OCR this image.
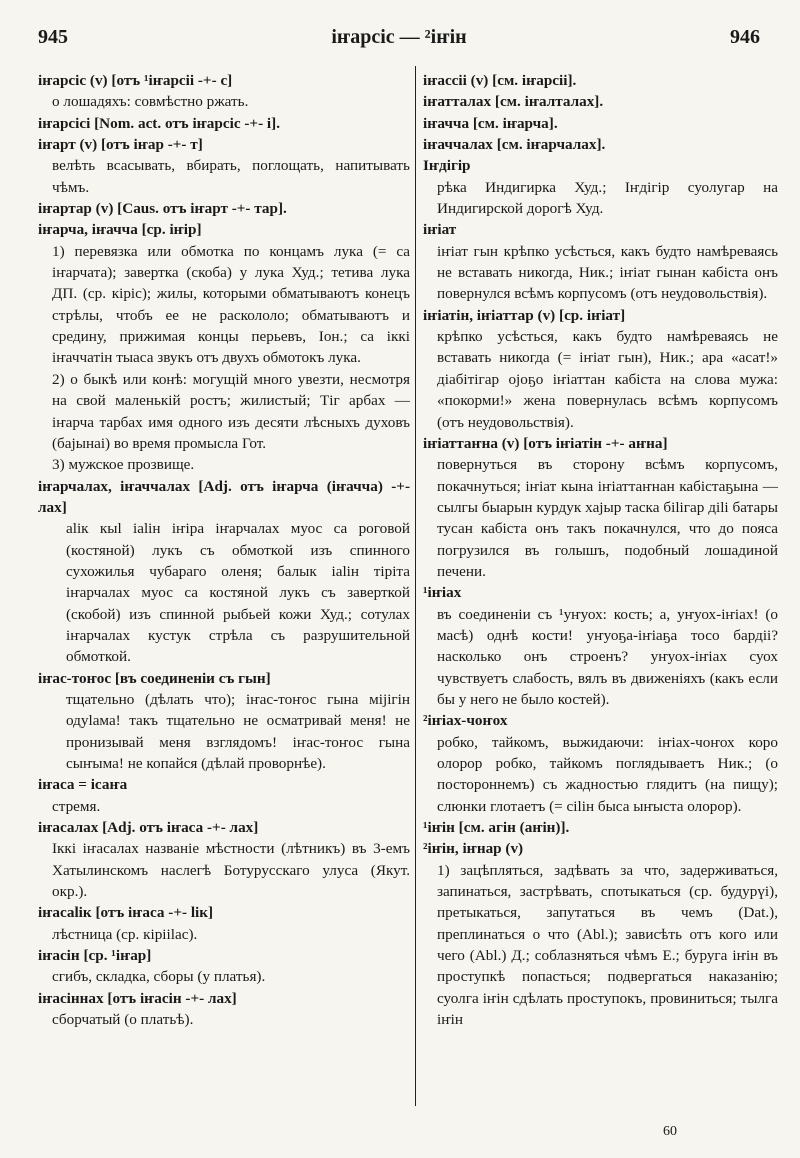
945	іҥарсіс — ²іҥін	946

іҥарсіс (v) [отъ ¹іҥарсіі -+- с]

о лошадяхъ: совмѣстно ржать.

іҥарсісі [Nom. act. отъ іҥарсіс -+- і].

іҥарт (v) [отъ іҥар -+- т]

велѣть всасывать, вбирать, поглощать, напитывать чѣмъ.

іҥартар (v) [Caus. отъ іҥарт -+- тар].

іҥарча, іҥачча [ср. іҥір]

1) перевязка или обмотка по концамъ лука (= са іҥарчата); завертка (скоба) у лука Худ.; тетива лука ДП. (ср. кіріс); жилы, которыми обматываютъ конецъ стрѣлы, чтобъ ее не раскололо; обматываютъ и средину, прижимая концы перьевъ, Іон.; са іккі іҥаччатін тыаса звукъ отъ двухъ обмотокъ лука.

2) о быкѣ или конѣ: могущій много увезти, несмотря на свой маленькій ростъ; жилистый; Тіг арбах — іҥарча тарбах имя одного изъ десяти лѣсныхъ духовъ (баjынаі) во время промысла Гот.

3) мужское прозвище.

іҥарчалах, іҥаччалах [Adj. отъ іҥарча (іҥачча) -+- лах]

аlік кыl іаlін іҥіра іҥарчалах муос са роговой (костяной) лукъ съ обмоткой изъ спинного сухожилья чубараго оленя; балык іаlін тіріта іҥарчалах муос са костяной лукъ съ заверткой (скобой) изъ спинной рыбьей кожи Худ.; сотулах іҥарчалах кустук стрѣла съ разрушительной обмоткой.

іҥас-тоҥос [въ соединеніи съ гын]

тщательно (дѣлать что); іҥас-тоҥос гына міjігін одуlама! такъ тщательно не осматривай меня! не пронизывай меня взглядомъ! іҥас-тоҥос гына сыҥыма! не копайся (дѣлай проворнѣе).

іҥаса = ісаҥа

стремя.

іҥасалах [Adj. отъ іҥаса -+- лах]

Іккі іҥасалах названіе мѣстности (лѣтникъ) въ 3-емъ Хатылинскомъ наслегѣ Ботурусскаго улуса (Якут. окр.).

іҥасаlік [отъ іҥаса -+- lік]

лѣстница (ср. кірііlас).

іҥасін [ср. ¹іҥар]

сгибъ, складка, сборы (у платья).

іҥасіннах [отъ іҥасін -+- лах]

сборчатый (о платьѣ).

іҥассіі (v) [см. іҥарсіі].

іҥатталах [см. іҥалталах].

іҥачча [см. іҥарча].

іҥаччалах [см. іҥарчалах].

Іҥдігір

рѣка Индигирка Худ.; Іҥдігір суолугар на Индигирской дорогѣ Худ.

іҥіат

іҥіат гын крѣпко усѣсться, какъ будто намѣреваясь не вставать никогда, Ник.; іҥіат гынан кабіста онъ повернулся всѣмъ корпусомъ (отъ неудовольствія).

іҥіатін, іҥіаттар (v) [ср. іҥіат]

крѣпко усѣсться, какъ будто намѣреваясь не вставать никогда (= іҥіат гын), Ник.; ара «асат!» діабітігар оjоҕо іҥіаттан кабіста на слова мужа: «покорми!» жена повернулась всѣмъ корпусомъ (отъ неудовольствія).

іҥіаттаҥна (v) [отъ іҥіатін -+- аҥна]

повернуться въ сторону всѣмъ корпусомъ, покачнуться; іҥіат кына іҥіаттаҥнан кабістаҕына — сылгы быарын курдук хаjыр таска біlігар діlі батары тусан кабіста онъ такъ покачнулся, что до пояса погрузился въ голышъ, подобный лошадиной печени.

¹іҥіах

въ соединеніи съ ¹уҥуох: кость; а, уҥуох-іҥіах! (о масѣ) однѣ кости! уҥуоҕа-іҥіаҕа тосо бардіі? насколько онъ строенъ? уҥуох-іҥіах суох чувствуетъ слабость, вялъ въ движеніяхъ (какъ если бы у него не было костей).

²іҥіах-чоҥох

робко, тайкомъ, выжидаючи: іҥіах-чоҥох коро олорор робко, тайкомъ поглядываетъ Ник.; (о постороннемъ) съ жадностью глядитъ (на пищу); слюнки глотаетъ (= сіlін быса ыҥыста олорор).

¹іҥін [см. агін (аҥін)].

²іҥін, іҥнар (v)

1) зацѣпляться, задѣвать за что, задерживаться, запинаться, застрѣвать, спотыкаться (ср. будурүі), претыкаться, запутаться въ чемъ (Dat.), преплинаться о что (Abl.); зависѣть отъ кого или чего (Abl.) Д.; соблазняться чѣмъ Е.; буруга іҥін въ проступкѣ попасться; подвергаться наказанію; суолга іҥін сдѣлать проступокъ, провиниться; тылга іҥін

60
